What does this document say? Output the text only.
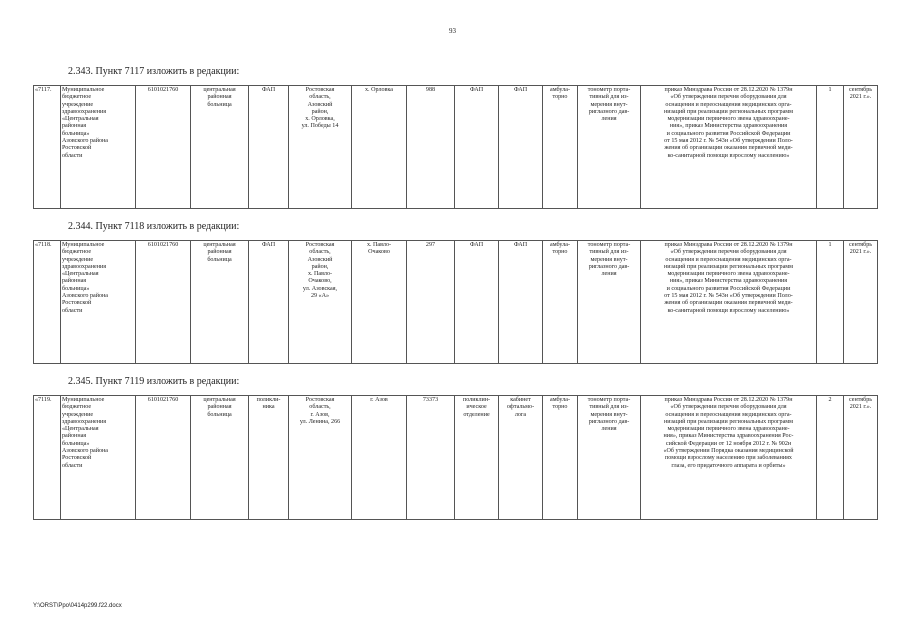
93
2.343. Пункт 7117 изложить в редакции:
«7117.	Муниципальное
бюджетное
учреждение
здравоохранения
«Центральная
районная
больница»
Азовского района
Ростовской
области	6101021760	центральная
районная
больница	ФАП	Ростовская
область,
Азовский
район,
х. Орловка,
ул. Победы 14	х. Орловка	988	ФАП	ФАП	амбула-
торно	тонометр порта-
тивный для из-
мерения внут-
риглазного дав-
ления	приказ Минздрава России от 28.12.2020 № 1379н
«Об утверждении перечня оборудования для
оснащения и переоснащения медицинских орга-
низаций при реализации региональных программ
модернизации первичного звена здравоохране-
ния», приказ Министерства здравоохранения
и социального развития Российской Федерации
от 15 мая 2012 г. № 543н «Об утверждении Поло-
жения об организации оказания первичной меди-
ко-санитарной помощи взрослому населению»	1	сентябрь
2021 г.».
2.344. Пункт 7118 изложить в редакции:
«7118.	Муниципальное
бюджетное
учреждение
здравоохранения
«Центральная
районная
больница»
Азовского района
Ростовской
области	6101021760	центральная
районная
больница	ФАП	Ростовская
область,
Азовский
район,
х. Павло-
Очаково,
ул. Азовская,
29 «А»	х. Павло-
Очаково	297	ФАП	ФАП	амбула-
торно	тонометр порта-
тивный для из-
мерения внут-
риглазного дав-
ления	приказ Минздрава России от 28.12.2020 № 1379н
«Об утверждении перечня оборудования для
оснащения и переоснащения медицинских орга-
низаций при реализации региональных программ
модернизации первичного звена здравоохране-
ния», приказ Министерства здравоохранения
и социального развития Российской Федерации
от 15 мая 2012 г. № 543н «Об утверждении Поло-
жения об организации оказания первичной меди-
ко-санитарной помощи взрослому населению»	1	сентябрь
2021 г.».
2.345. Пункт 7119 изложить в редакции:
«7119.	Муниципальное
бюджетное
учреждение
здравоохранения
«Центральная
районная
больница»
Азовского района
Ростовской
области	6101021760	центральная
районная
больница	поликли-
ника	Ростовская
область,
г. Азов,
ул. Ленина, 266	г. Азов	73373	поликлин-
ическое
отделение	кабинет
офтальмо-
лога	амбула-
торно	тонометр порта-
тивный для из-
мерения внут-
риглазного дав-
ления	приказ Минздрава России от 28.12.2020 № 1379н
«Об утверждении перечня оборудования для
оснащения и переоснащения медицинских орга-
низаций при реализации региональных программ
модернизации первичного звена здравоохране-
ния», приказ Министерства здравоохранения Рос-
сийской Федерации от 12 ноября 2012 г. № 902н
«Об утверждении Порядка оказания медицинской
помощи взрослому населению при заболеваниях
глаза, его придаточного аппарата и орбиты»	2	сентябрь
2021 г.».
Y:\ORST\Ppo\0414p299.f22.docx
